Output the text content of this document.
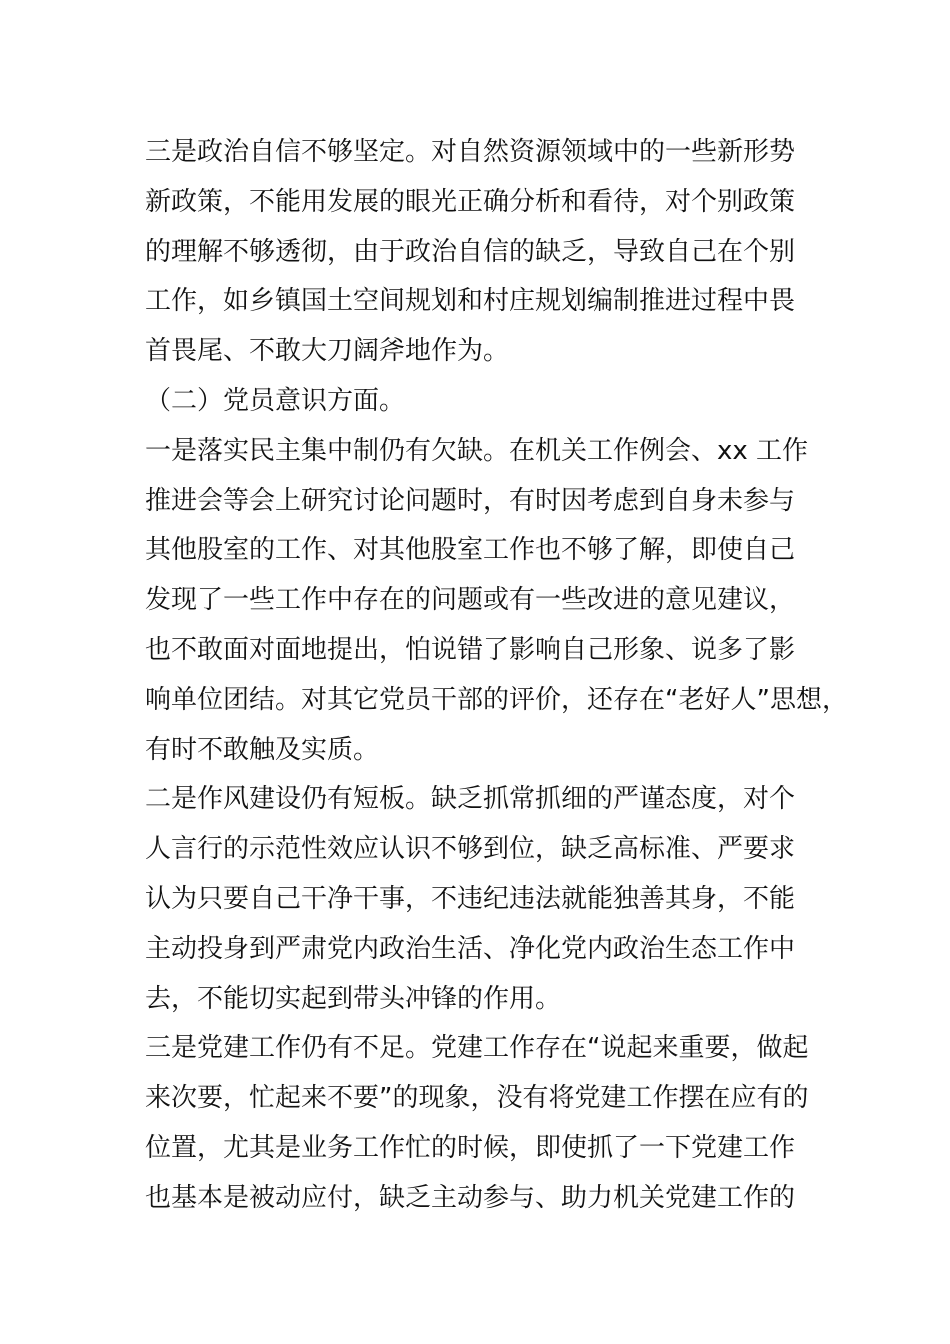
三是政治自信不够坚定。对自然资源领域中的一些新形势
新政策，不能用发展的眼光正确分析和看待，对个别政策
的理解不够透彻，由于政治自信的缺乏，导致自己在个别
工作，如乡镇国土空间规划和村庄规划编制推进过程中畏
首畏尾、不敢大刀阔斧地作为。
（二）党员意识方面。
一是落实民主集中制仍有欠缺。在机关工作例会、xx 工作
推进会等会上研究讨论问题时，有时因考虑到自身未参与
其他股室的工作、对其他股室工作也不够了解，即使自己
发现了一些工作中存在的问题或有一些改进的意见建议，
也不敢面对面地提出，怕说错了影响自己形象、说多了影
响单位团结。对其它党员干部的评价，还存在“老好人”思想，
有时不敢触及实质。
二是作风建设仍有短板。缺乏抓常抓细的严谨态度，对个
人言行的示范性效应认识不够到位，缺乏高标准、严要求
认为只要自己干净干事，不违纪违法就能独善其身，不能
主动投身到严肃党内政治生活、净化党内政治生态工作中
去，不能切实起到带头冲锋的作用。
三是党建工作仍有不足。党建工作存在“说起来重要，做起
来次要，忙起来不要”的现象，没有将党建工作摆在应有的
位置，尤其是业务工作忙的时候，即使抓了一下党建工作
也基本是被动应付，缺乏主动参与、助力机关党建工作的
